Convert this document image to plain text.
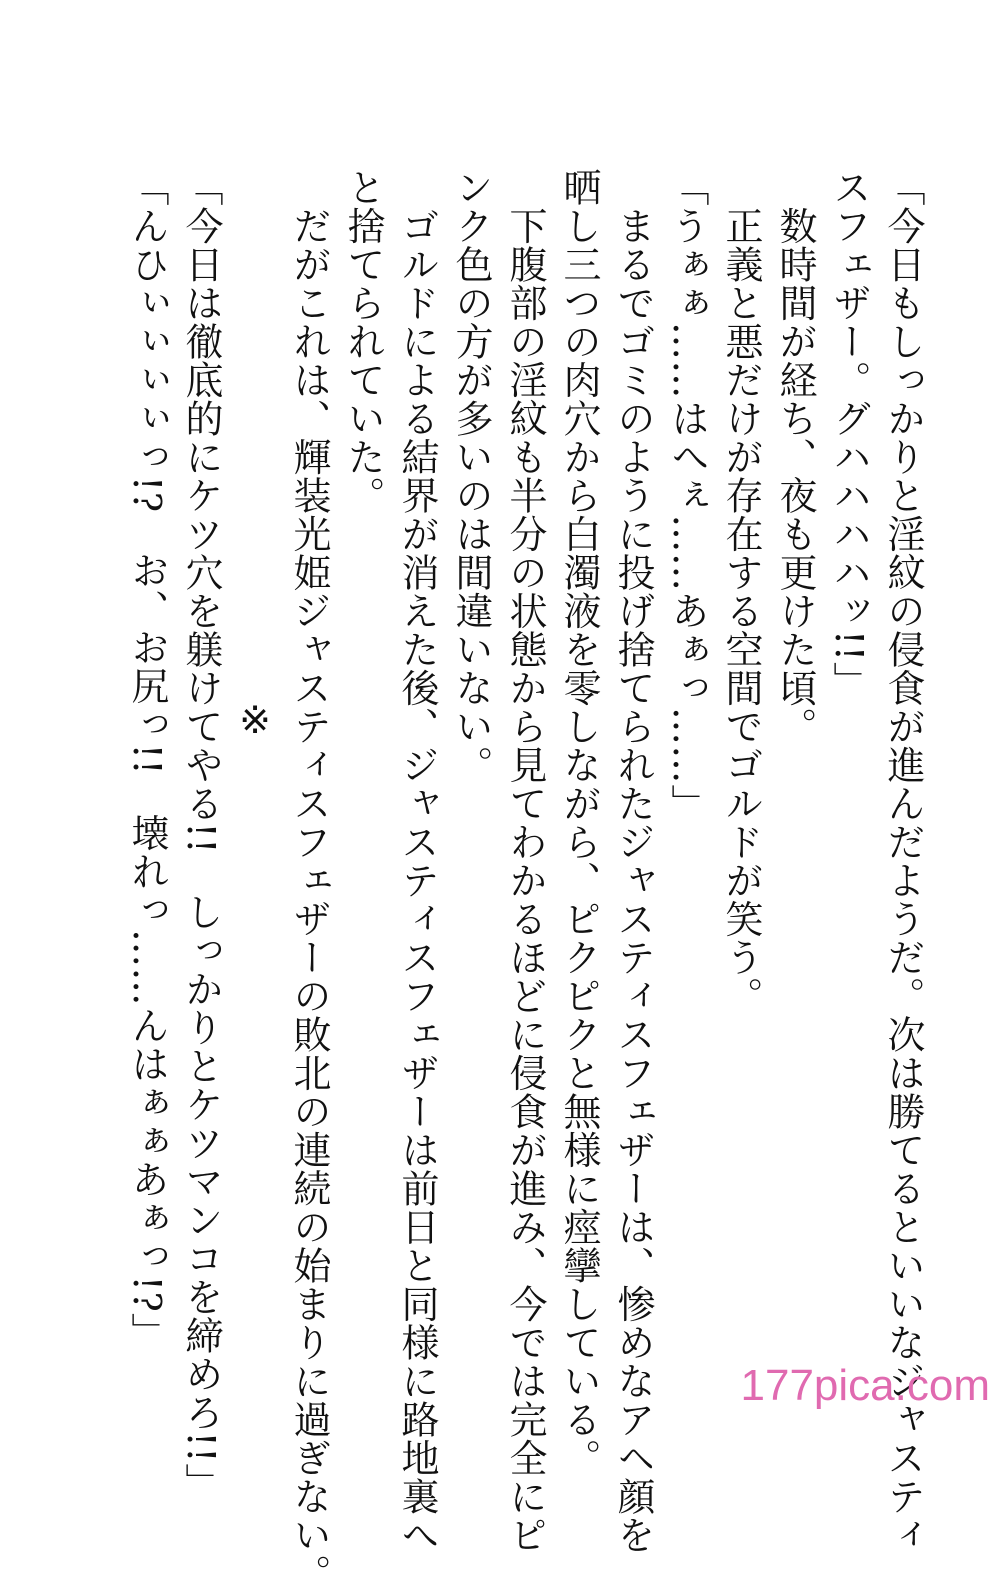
「今日もしっかりと淫紋の侵食が進んだようだ。次は勝てるといいなジャスティ
スフェザー。グハハハハッ!!」
　数時間が経ち、夜も更けた頃。
　正義と悪だけが存在する空間でゴルドが笑う。
「うぁぁ……はへぇ……あぁっ……」
　まるでゴミのように投げ捨てられたジャスティスフェザーは、惨めなアヘ顔を
晒し三つの肉穴から白濁液を零しながら、ピクピクと無様に痙攣している。
　下腹部の淫紋も半分の状態から見てわかるほどに侵食が進み、今では完全にピ
ンク色の方が多いのは間違いない。
　ゴルドによる結界が消えた後、ジャスティスフェザーは前日と同様に路地裏へ
と捨てられていた。
　だがこれは、輝装光姫ジャスティスフェザーの敗北の連続の始まりに過ぎない。
※
「今日は徹底的にケツ穴を躾けてやる!!　しっかりとケツマンコを締めろ!!」
「んひぃぃぃぃっ!?　お、お尻っ!!　壊れっ……んはぁぁあぁっ!?」
177pica.com
